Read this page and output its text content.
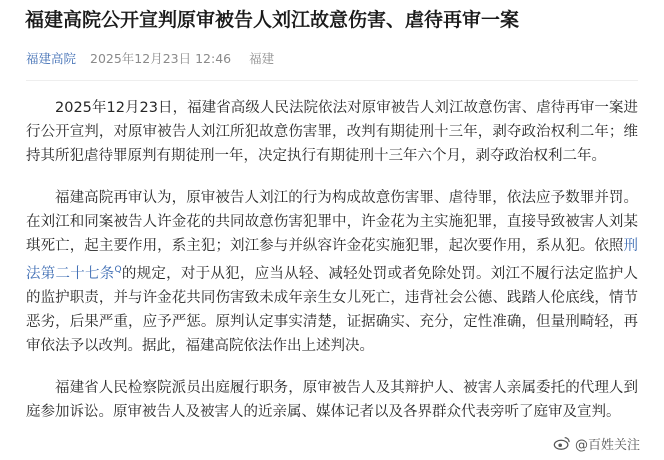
福建高院公开宣判原审被告人刘江故意伤害、虐待再审一案
福建高院 2025年12月23日 12:46 福建

2025年12月23日，福建省高级人民法院依法对原审被告人刘江故意伤害、虐待再审一案进行公开宣判，对原审被告人刘江所犯故意伤害罪，改判有期徒刑十三年，剥夺政治权利二年；维持其所犯虐待罪原判有期徒刑一年，决定执行有期徒刑十三年六个月，剥夺政治权利二年。

福建高院再审认为，原审被告人刘江的行为构成故意伤害罪、虐待罪，依法应予数罪并罚。在刘江和同案被告人许金花的共同故意伤害犯罪中，许金花为主实施犯罪，直接导致被害人刘某琪死亡，起主要作用，系主犯；刘江参与并纵容许金花实施犯罪，起次要作用，系从犯。依照刑法第二十七条$^Q$的规定，对于从犯，应当从轻、减轻处罚或者免除处罚。刘江不履行法定监护人的监护职责，并与许金花共同伤害致未成年亲生女儿死亡，违背社会公德、践踏人伦底线，情节恶劣，后果严重，应予严惩。原判认定事实清楚，证据确实、充分，定性准确，但量刑畸轻，再审依法予以改判。据此，福建高院依法作出上述判决。

福建省人民检察院派员出庭履行职务，原审被告人及其辩护人、被害人亲属委托的代理人到庭参加诉讼。原审被告人及被害人的近亲属、媒体记者以及各界群众代表旁听了庭审及宣判。

@百姓关注
